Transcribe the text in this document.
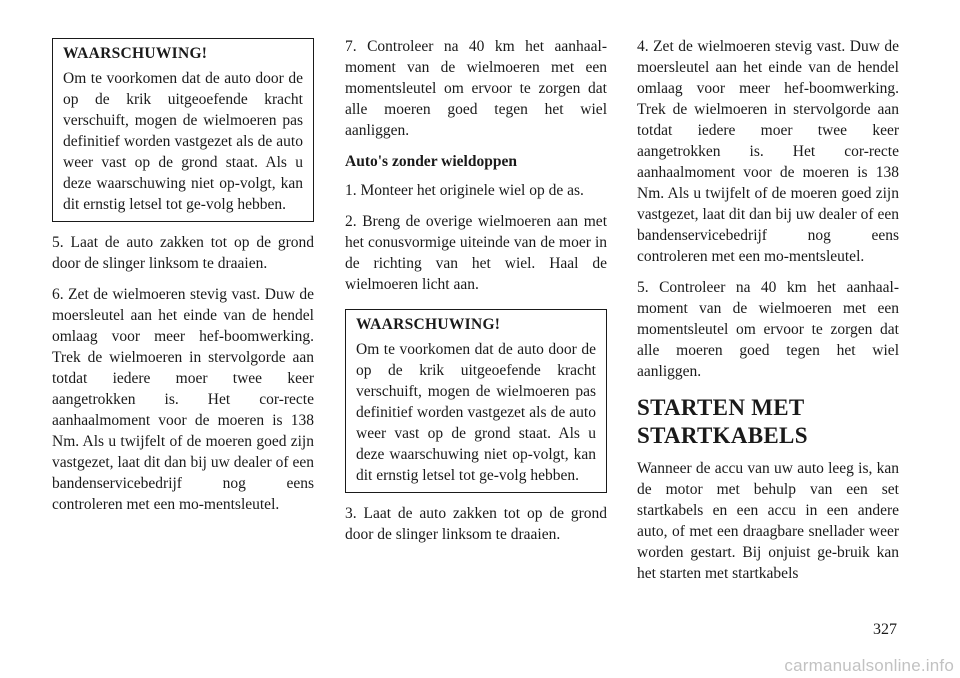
WAARSCHUWING!

Om te voorkomen dat de auto door de op de krik uitgeoefende kracht verschuift, mogen de wielmoeren pas definitief worden vastgezet als de auto weer vast op de grond staat. Als u deze waarschuwing niet op-volgt, kan dit ernstig letsel tot ge-volg hebben.

5. Laat de auto zakken tot op de grond door de slinger linksom te draaien.

6. Zet de wielmoeren stevig vast. Duw de moersleutel aan het einde van de hendel omlaag voor meer hef-boomwerking. Trek de wielmoeren in stervolgorde aan totdat iedere moer twee keer aangetrokken is. Het cor-recte aanhaalmoment voor de moeren is 138 Nm. Als u twijfelt of de moeren goed zijn vastgezet, laat dit dan bij uw dealer of een bandenservicebedrijf nog eens controleren met een mo-mentsleutel.

7. Controleer na 40 km het aanhaal-moment van de wielmoeren met een momentsleutel om ervoor te zorgen dat alle moeren goed tegen het wiel aanliggen.

Auto's zonder wieldoppen

1. Monteer het originele wiel op de as.

2. Breng de overige wielmoeren aan met het conusvormige uiteinde van de moer in de richting van het wiel. Haal de wielmoeren licht aan.

WAARSCHUWING!

Om te voorkomen dat de auto door de op de krik uitgeoefende kracht verschuift, mogen de wielmoeren pas definitief worden vastgezet als de auto weer vast op de grond staat. Als u deze waarschuwing niet op-volgt, kan dit ernstig letsel tot ge-volg hebben.

3. Laat de auto zakken tot op de grond door de slinger linksom te draaien.

4. Zet de wielmoeren stevig vast. Duw de moersleutel aan het einde van de hendel omlaag voor meer hef-boomwerking. Trek de wielmoeren in stervolgorde aan totdat iedere moer twee keer aangetrokken is. Het cor-recte aanhaalmoment voor de moeren is 138 Nm. Als u twijfelt of de moeren goed zijn vastgezet, laat dit dan bij uw dealer of een bandenservicebedrijf nog eens controleren met een mo-mentsleutel.

5. Controleer na 40 km het aanhaal-moment van de wielmoeren met een momentsleutel om ervoor te zorgen dat alle moeren goed tegen het wiel aanliggen.

STARTEN MET
STARTKABELS

Wanneer de accu van uw auto leeg is, kan de motor met behulp van een set startkabels en een accu in een andere auto, of met een draagbare snellader weer worden gestart. Bij onjuist ge-bruik kan het starten met startkabels

327
carmanualsonline.info
